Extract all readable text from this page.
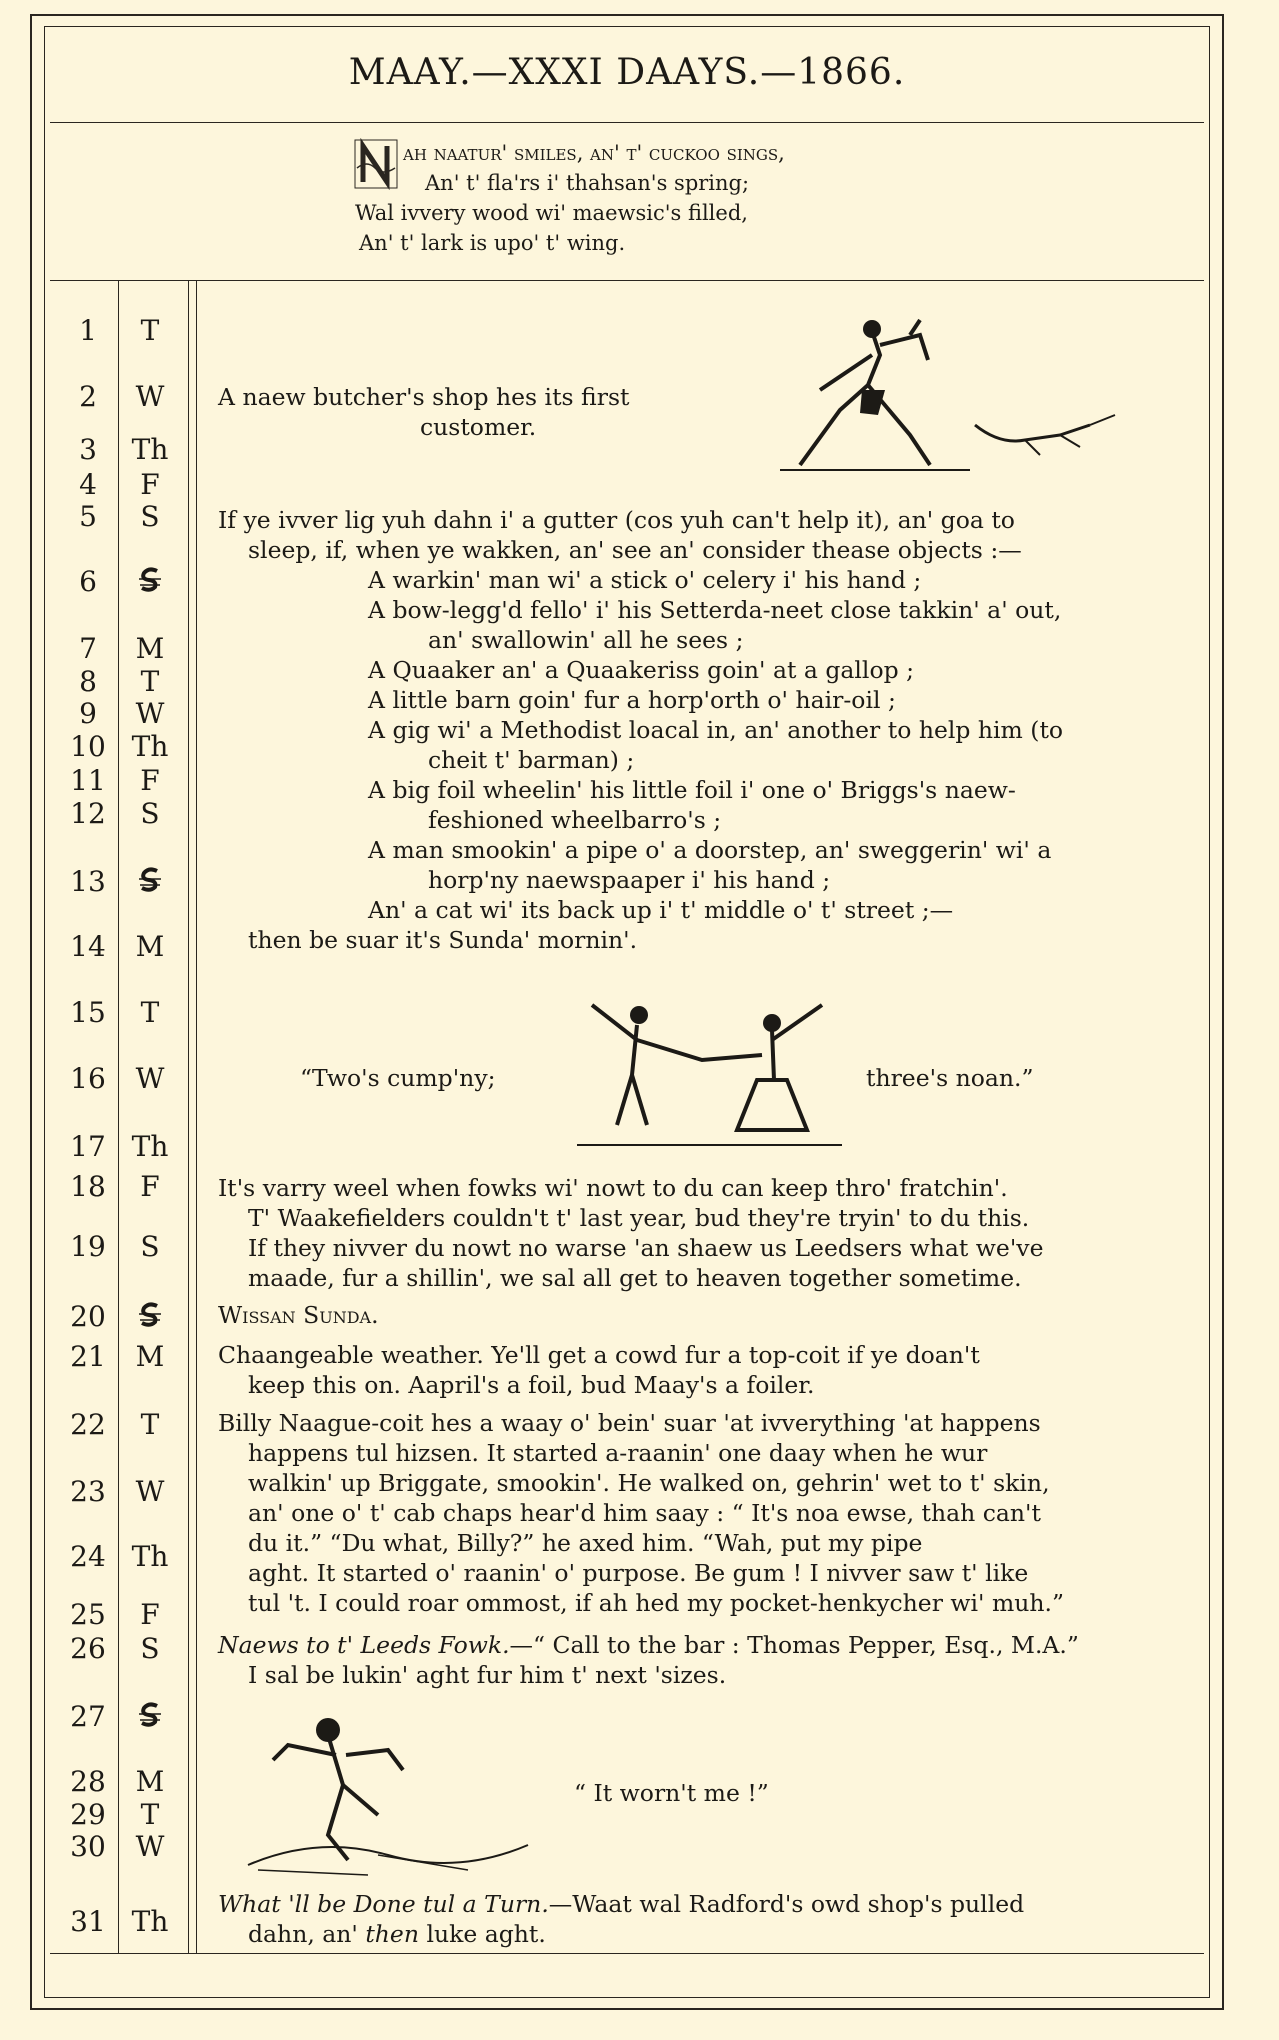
MAAY.—XXXI DAAYS.—1866.
ah naatur' smiles, an' t' cuckoo sings,
An' t' fla'rs i' thahsan's spring;
Wal ivvery wood wi' maewsic's filled,
An' t' lark is upo' t' wing.
1	T
2	W
3	Th
4	F
5	S
6
7	M
8	T
9	W
10 Th
11	F
12	S
13
14	M
15	T
16	W
17 Th
18	F
19	S
20
21	M
22	T
23	W
24 Th
25	F
26	S
27
28	M
29	T
30	W
31 Th
A naew butcher's shop hes its first
customer.
If ye ivver lig yuh dahn i' a gutter (cos yuh can't help it), an' goa to
sleep, if, when ye wakken, an' see an' consider thease objects :—
A warkin' man wi' a stick o' celery i' his hand ;
A bow-legg'd fello' i' his Setterda-neet close takkin' a' out,
an' swallowin' all he sees ;
A Quaaker an' a Quaakeriss goin' at a gallop ;
A little barn goin' fur a horp'orth o' hair-oil ;
A gig wi' a Methodist loacal in, an' another to help him (to
cheit t' barman) ;
A big foil wheelin' his little foil i' one o' Briggs's naew-
feshioned wheelbarro's ;
A man smookin' a pipe o' a doorstep, an' sweggerin' wi' a
horp'ny naewspaaper i' his hand ;
An' a cat wi' its back up i' t' middle o' t' street ;—
then be suar it's Sunda' mornin'.
“Two's cump'ny;	three's noan.”
It's varry weel when fowks wi' nowt to du can keep thro' fratchin'.
T' Waakefielders couldn't t' last year, bud they're tryin' to du this.
If they nivver du nowt no warse 'an shaew us Leedsers what we've
maade, fur a shillin', we sal all get to heaven together sometime.
Wissan Sunda.
Chaangeable weather. Ye'll get a cowd fur a top-coit if ye doan't
keep this on. Aapril's a foil, bud Maay's a foiler.
Billy Naague-coit hes a waay o' bein' suar 'at ivverything 'at happens
happens tul hizsen. It started a-raanin' one daay when he wur
walkin' up Briggate, smookin'. He walked on, gehrin' wet to t' skin,
an' one o' t' cab chaps hear'd him saay : “ It's noa ewse, thah can't
du it.” “Du what, Billy?” he axed him. “Wah, put my pipe
aght. It started o' raanin' o' purpose. Be gum ! I nivver saw t' like
tul 't. I could roar ommost, if ah hed my pocket-henkycher wi' muh.”
Naews to t' Leeds Fowk.—“ Call to the bar : Thomas Pepper, Esq., M.A.”
I sal be lukin' aght fur him t' next 'sizes.
“ It worn't me !”
What 'll be Done tul a Turn.—Waat wal Radford's owd shop's pulled
dahn, an' then luke aght.
